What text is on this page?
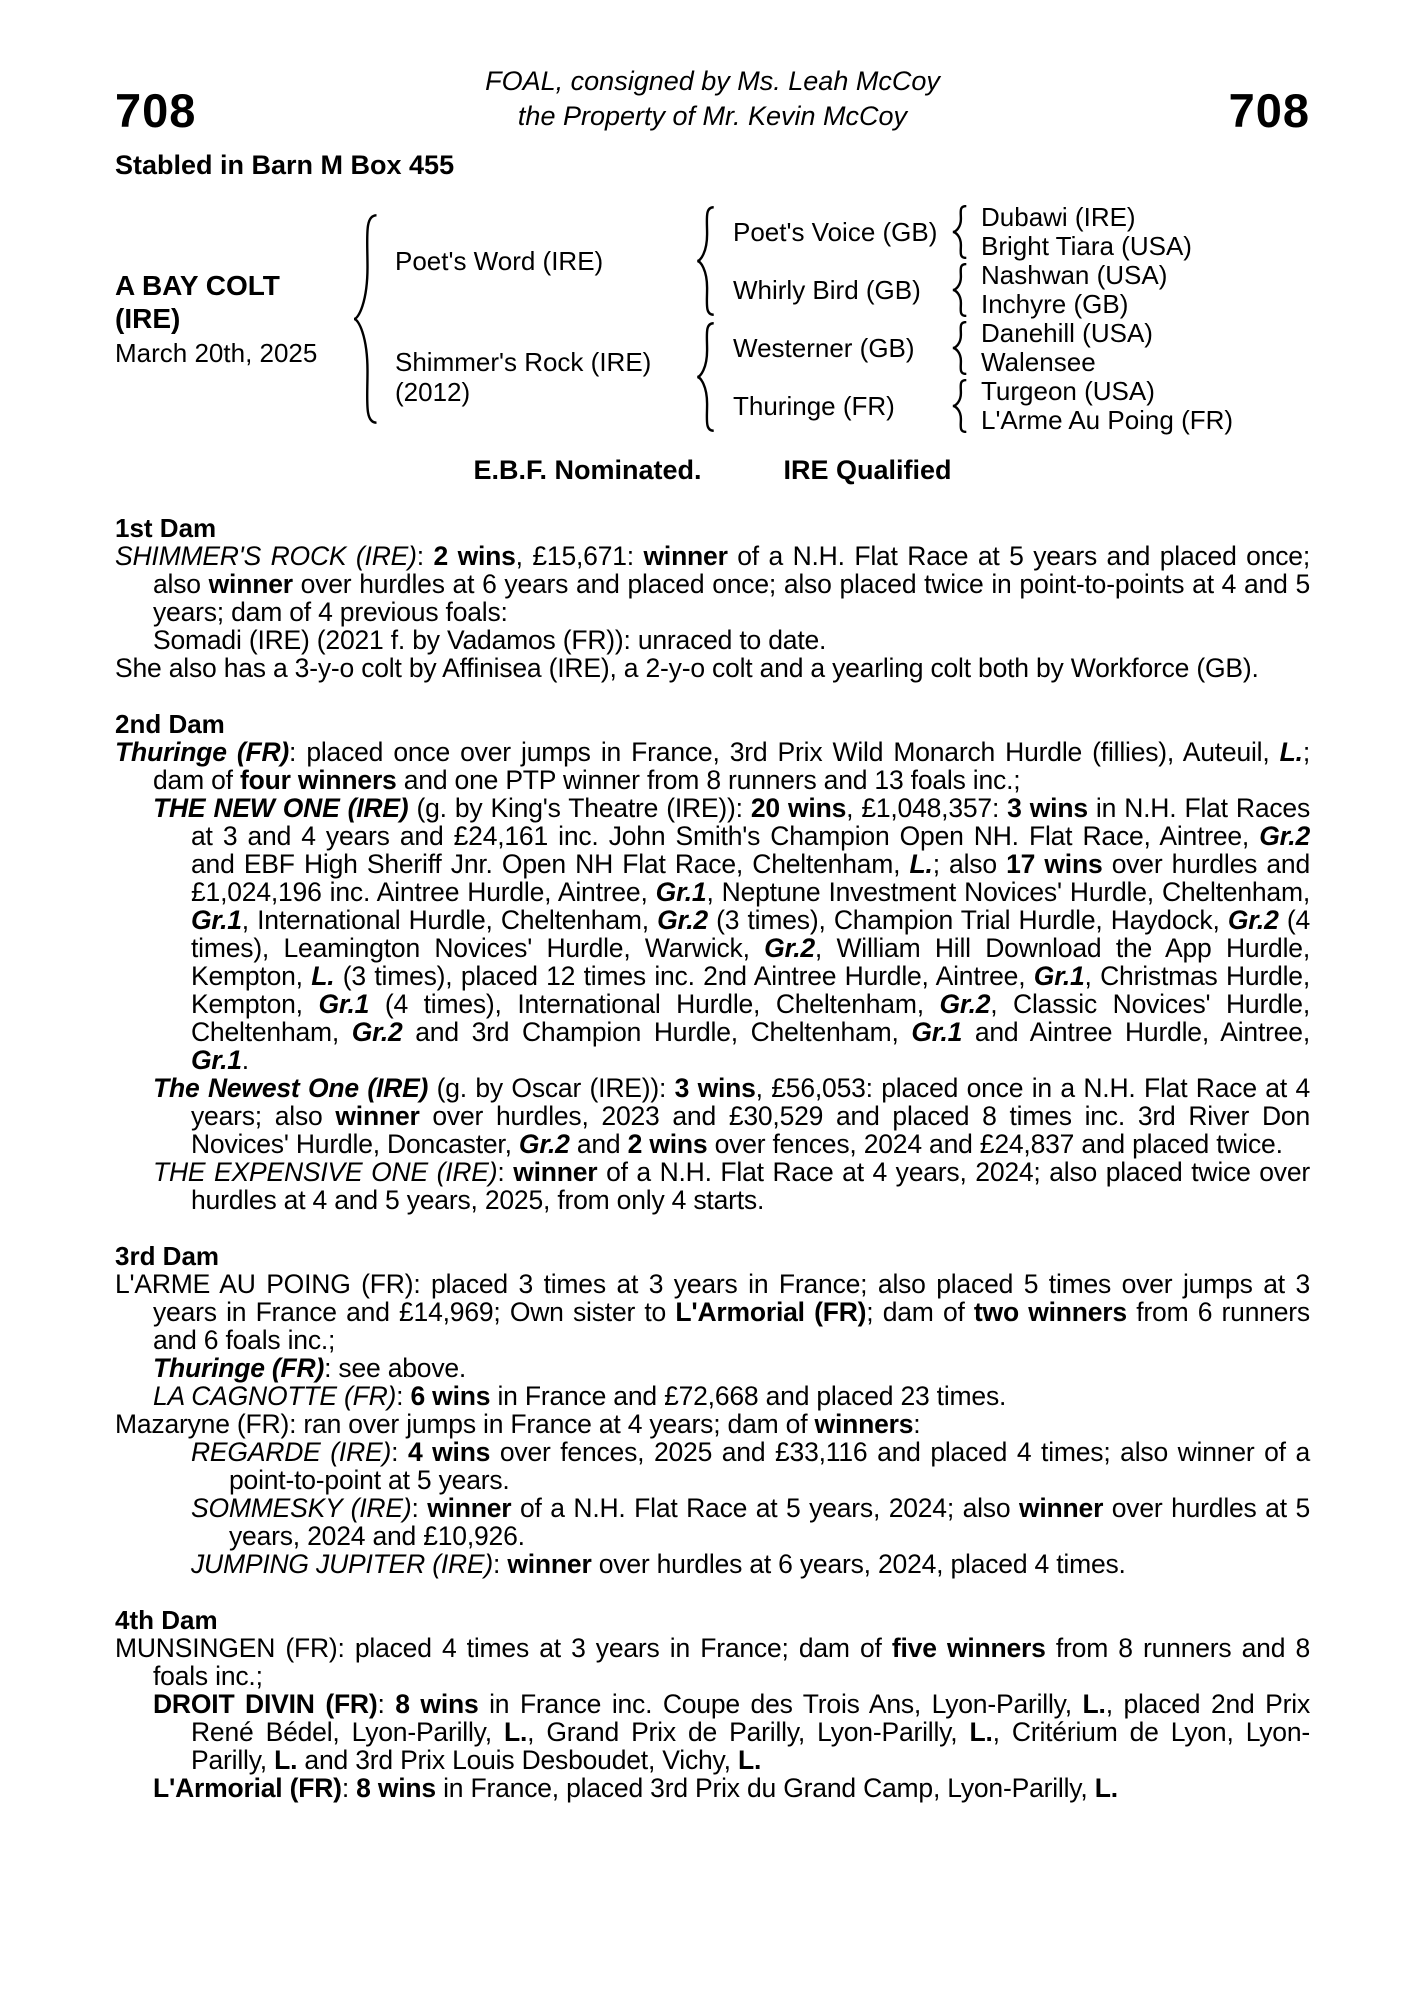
708
FOAL, consigned by Ms. Leah McCoy
the Property of Mr. Kevin McCoy	708
Stabled in Barn M Box 455
A BAY COLT
(IRE)
March 20th, 2025
Poet's Word (IRE)
Poet's Voice (GB)	Dubawi (IRE)
Bright Tiara (USA)
Whirly Bird (GB)	Nashwan (USA)
Inchyre (GB)
Shimmer's Rock (IRE)
(2012)
Westerner (GB)	Danehill (USA)
Walensee
Thuringe (FR)	Turgeon (USA)
L'Arme Au Poing (FR)
E.B.F. Nominated.	IRE Qualified
1st Dam
SHIMMER'S ROCK (IRE): 2 wins, £15,671: winner of a N.H. Flat Race at 5 years and placed once; also winner over hurdles at 6 years and placed once; also placed twice in point-to-points at 4 and 5 years; dam of 4 previous foals:
Somadi (IRE) (2021 f. by Vadamos (FR)): unraced to date.
She also has a 3-y-o colt by Affinisea (IRE), a 2-y-o colt and a yearling colt both by Workforce (GB).
2nd Dam
Thuringe (FR): placed once over jumps in France, 3rd Prix Wild Monarch Hurdle (fillies), Auteuil, L.; dam of four winners and one PTP winner from 8 runners and 13 foals inc.;
THE NEW ONE (IRE) (g. by King's Theatre (IRE)): 20 wins, £1,048,357: 3 wins in N.H. Flat Races at 3 and 4 years and £24,161 inc. John Smith's Champion Open NH. Flat Race, Aintree, Gr.2 and EBF High Sheriff Jnr. Open NH Flat Race, Cheltenham, L.; also 17 wins over hurdles and £1,024,196 inc. Aintree Hurdle, Aintree, Gr.1, Neptune Investment Novices' Hurdle, Cheltenham, Gr.1, International Hurdle, Cheltenham, Gr.2 (3 times), Champion Trial Hurdle, Haydock, Gr.2 (4 times), Leamington Novices' Hurdle, Warwick, Gr.2, William Hill Download the App Hurdle, Kempton, L. (3 times), placed 12 times inc. 2nd Aintree Hurdle, Aintree, Gr.1, Christmas Hurdle, Kempton, Gr.1 (4 times), International Hurdle, Cheltenham, Gr.2, Classic Novices' Hurdle, Cheltenham, Gr.2 and 3rd Champion Hurdle, Cheltenham, Gr.1 and Aintree Hurdle, Aintree, Gr.1.
The Newest One (IRE) (g. by Oscar (IRE)): 3 wins, £56,053: placed once in a N.H. Flat Race at 4 years; also winner over hurdles, 2023 and £30,529 and placed 8 times inc. 3rd River Don Novices' Hurdle, Doncaster, Gr.2 and 2 wins over fences, 2024 and £24,837 and placed twice.
THE EXPENSIVE ONE (IRE): winner of a N.H. Flat Race at 4 years, 2024; also placed twice over hurdles at 4 and 5 years, 2025, from only 4 starts.
3rd Dam
L'ARME AU POING (FR): placed 3 times at 3 years in France; also placed 5 times over jumps at 3 years in France and £14,969; Own sister to L'Armorial (FR); dam of two winners from 6 runners and 6 foals inc.;
Thuringe (FR): see above.
LA CAGNOTTE (FR): 6 wins in France and £72,668 and placed 23 times.
Mazaryne (FR): ran over jumps in France at 4 years; dam of winners:
REGARDE (IRE): 4 wins over fences, 2025 and £33,116 and placed 4 times; also winner of a point-to-point at 5 years.
SOMMESKY (IRE): winner of a N.H. Flat Race at 5 years, 2024; also winner over hurdles at 5 years, 2024 and £10,926.
JUMPING JUPITER (IRE): winner over hurdles at 6 years, 2024, placed 4 times.
4th Dam
MUNSINGEN (FR): placed 4 times at 3 years in France; dam of five winners from 8 runners and 8 foals inc.;
DROIT DIVIN (FR): 8 wins in France inc. Coupe des Trois Ans, Lyon-Parilly, L., placed 2nd Prix René Bédel, Lyon-Parilly, L., Grand Prix de Parilly, Lyon-Parilly, L., Critérium de Lyon, Lyon-Parilly, L. and 3rd Prix Louis Desboudet, Vichy, L.
L'Armorial (FR): 8 wins in France, placed 3rd Prix du Grand Camp, Lyon-Parilly, L.
